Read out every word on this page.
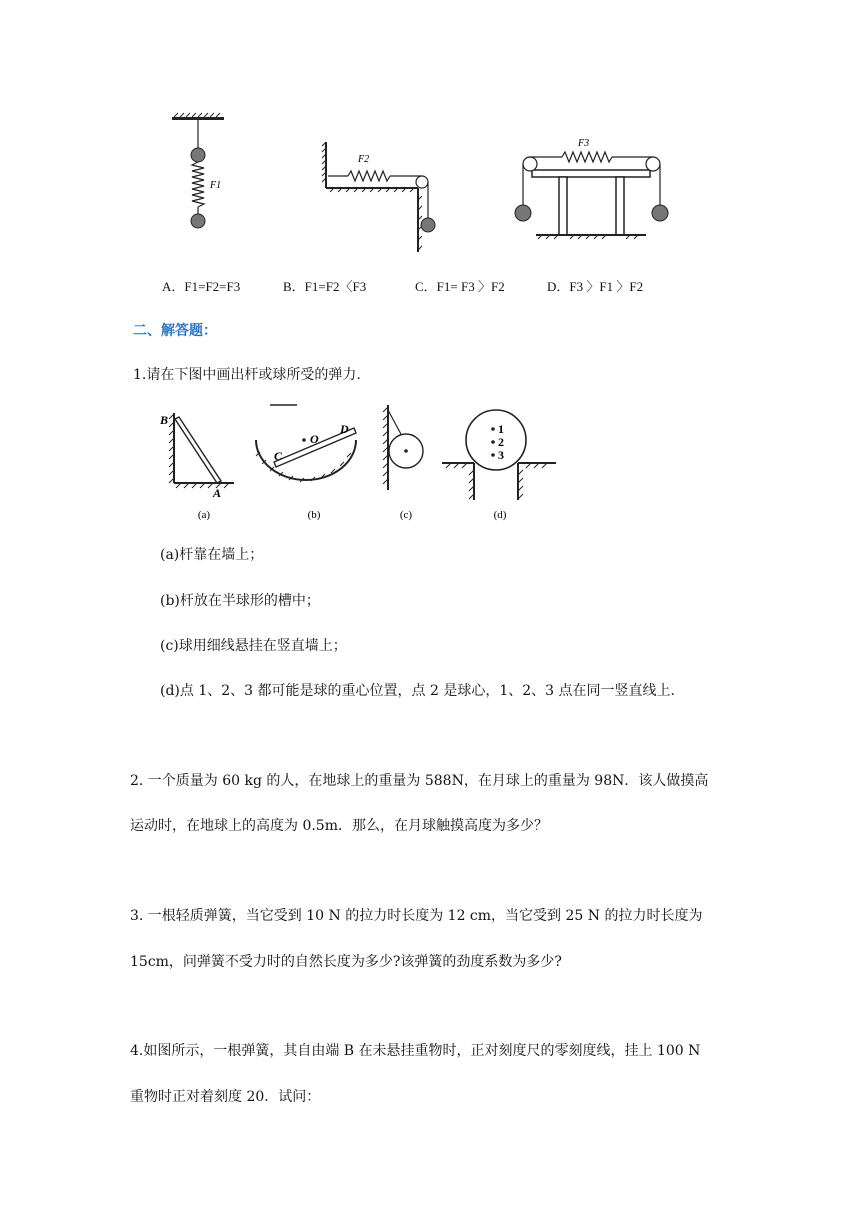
F1
F2
F3
A．F1=F2=F3	B．F1=F2〈F3	C．F1= F3 〉F2	D．F3 〉F1 〉F2
二、解答题：
1.请在下图中画出杆或球所受的弹力.
B
A
(a)
C
O
D
(b)	(c)
1
2
3
(d)
(a)杆靠在墙上；
(b)杆放在半球形的槽中；
(c)球用细线悬挂在竖直墙上；
(d)点 1、2、3 都可能是球的重心位置，点 2 是球心，1、2、3 点在同一竖直线上.
2. 一个质量为 60 kg 的人，在地球上的重量为 588N，在月球上的重量为 98N．该人做摸高
运动时，在地球上的高度为 0.5m．那么，在月球触摸高度为多少？
3. 一根轻质弹簧，当它受到 10 N 的拉力时长度为 12 cm，当它受到 25 N 的拉力时长度为
15cm，问弹簧不受力时的自然长度为多少?该弹簧的劲度系数为多少?
4.如图所示，一根弹簧，其自由端 B 在未悬挂重物时，正对刻度尺的零刻度线，挂上 100 N
重物时正对着刻度 20．试问：
